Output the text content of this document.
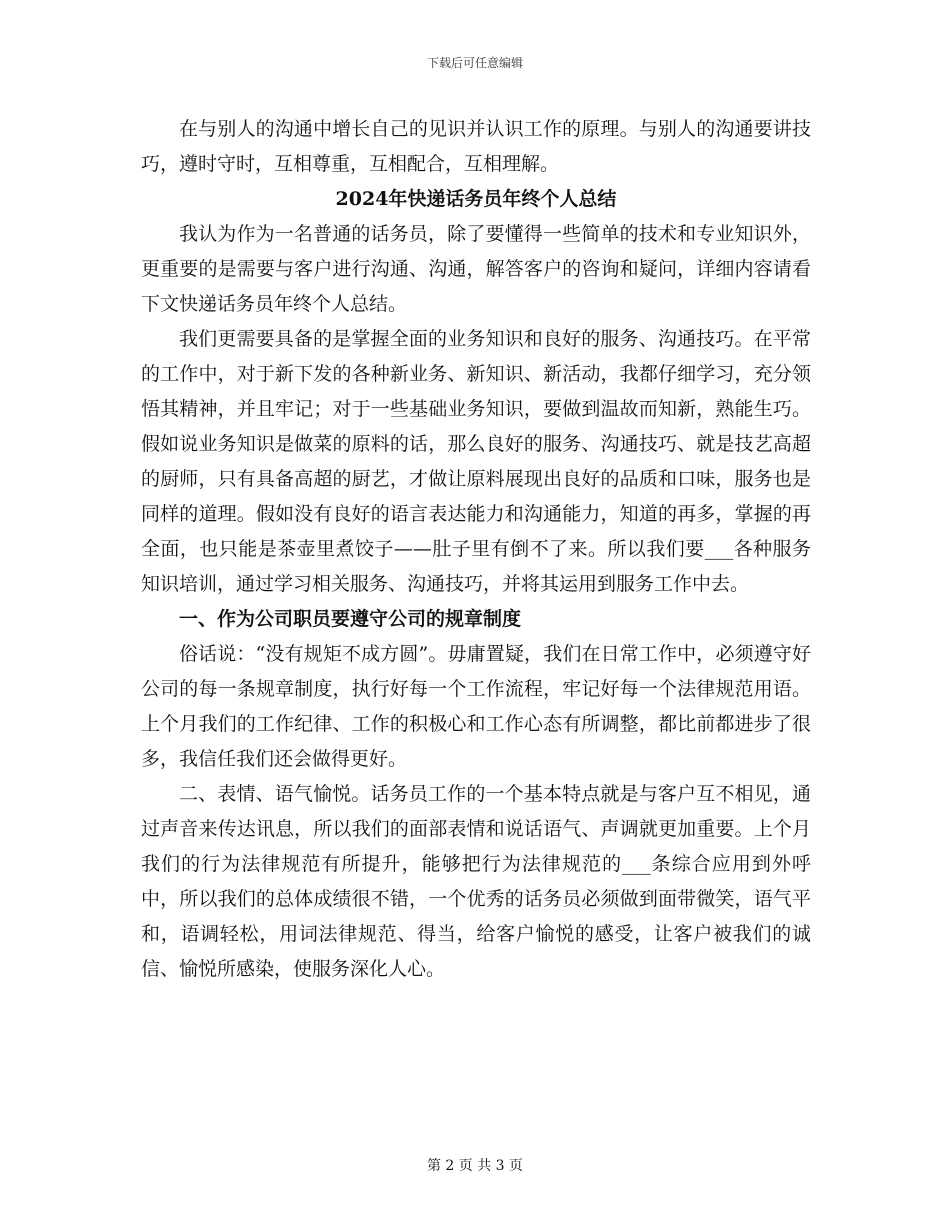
下载后可任意编辑

在与别人的沟通中增长自己的见识并认识工作的原理。与别人的沟通要讲技巧，遵时守时，互相尊重，互相配合，互相理解。

2024年快递话务员年终个人总结

我认为作为一名普通的话务员，除了要懂得一些简单的技术和专业知识外，更重要的是需要与客户进行沟通、沟通，解答客户的咨询和疑问，详细内容请看下文快递话务员年终个人总结。

我们更需要具备的是掌握全面的业务知识和良好的服务、沟通技巧。在平常的工作中，对于新下发的各种新业务、新知识、新活动，我都仔细学习，充分领悟其精神，并且牢记；对于一些基础业务知识，要做到温故而知新，熟能生巧。假如说业务知识是做菜的原料的话，那么良好的服务、沟通技巧、就是技艺高超的厨师，只有具备高超的厨艺，才做让原料展现出良好的品质和口味，服务也是同样的道理。假如没有良好的语言表达能力和沟通能力，知道的再多，掌握的再全面，也只能是茶壶里煮饺子——肚子里有倒不了来。所以我们要___各种服务知识培训，通过学习相关服务、沟通技巧，并将其运用到服务工作中去。

一、作为公司职员要遵守公司的规章制度

俗话说：“没有规矩不成方圆”。毋庸置疑，我们在日常工作中，必须遵守好公司的每一条规章制度，执行好每一个工作流程，牢记好每一个法律规范用语。上个月我们的工作纪律、工作的积极心和工作心态有所调整，都比前都进步了很多，我信任我们还会做得更好。

二、表情、语气愉悦。话务员工作的一个基本特点就是与客户互不相见，通过声音来传达讯息，所以我们的面部表情和说话语气、声调就更加重要。上个月我们的行为法律规范有所提升，能够把行为法律规范的___条综合应用到外呼中，所以我们的总体成绩很不错，一个优秀的话务员必须做到面带微笑，语气平和，语调轻松，用词法律规范、得当，给客户愉悦的感受，让客户被我们的诚信、愉悦所感染，使服务深化人心。

第 2 页 共 3 页
